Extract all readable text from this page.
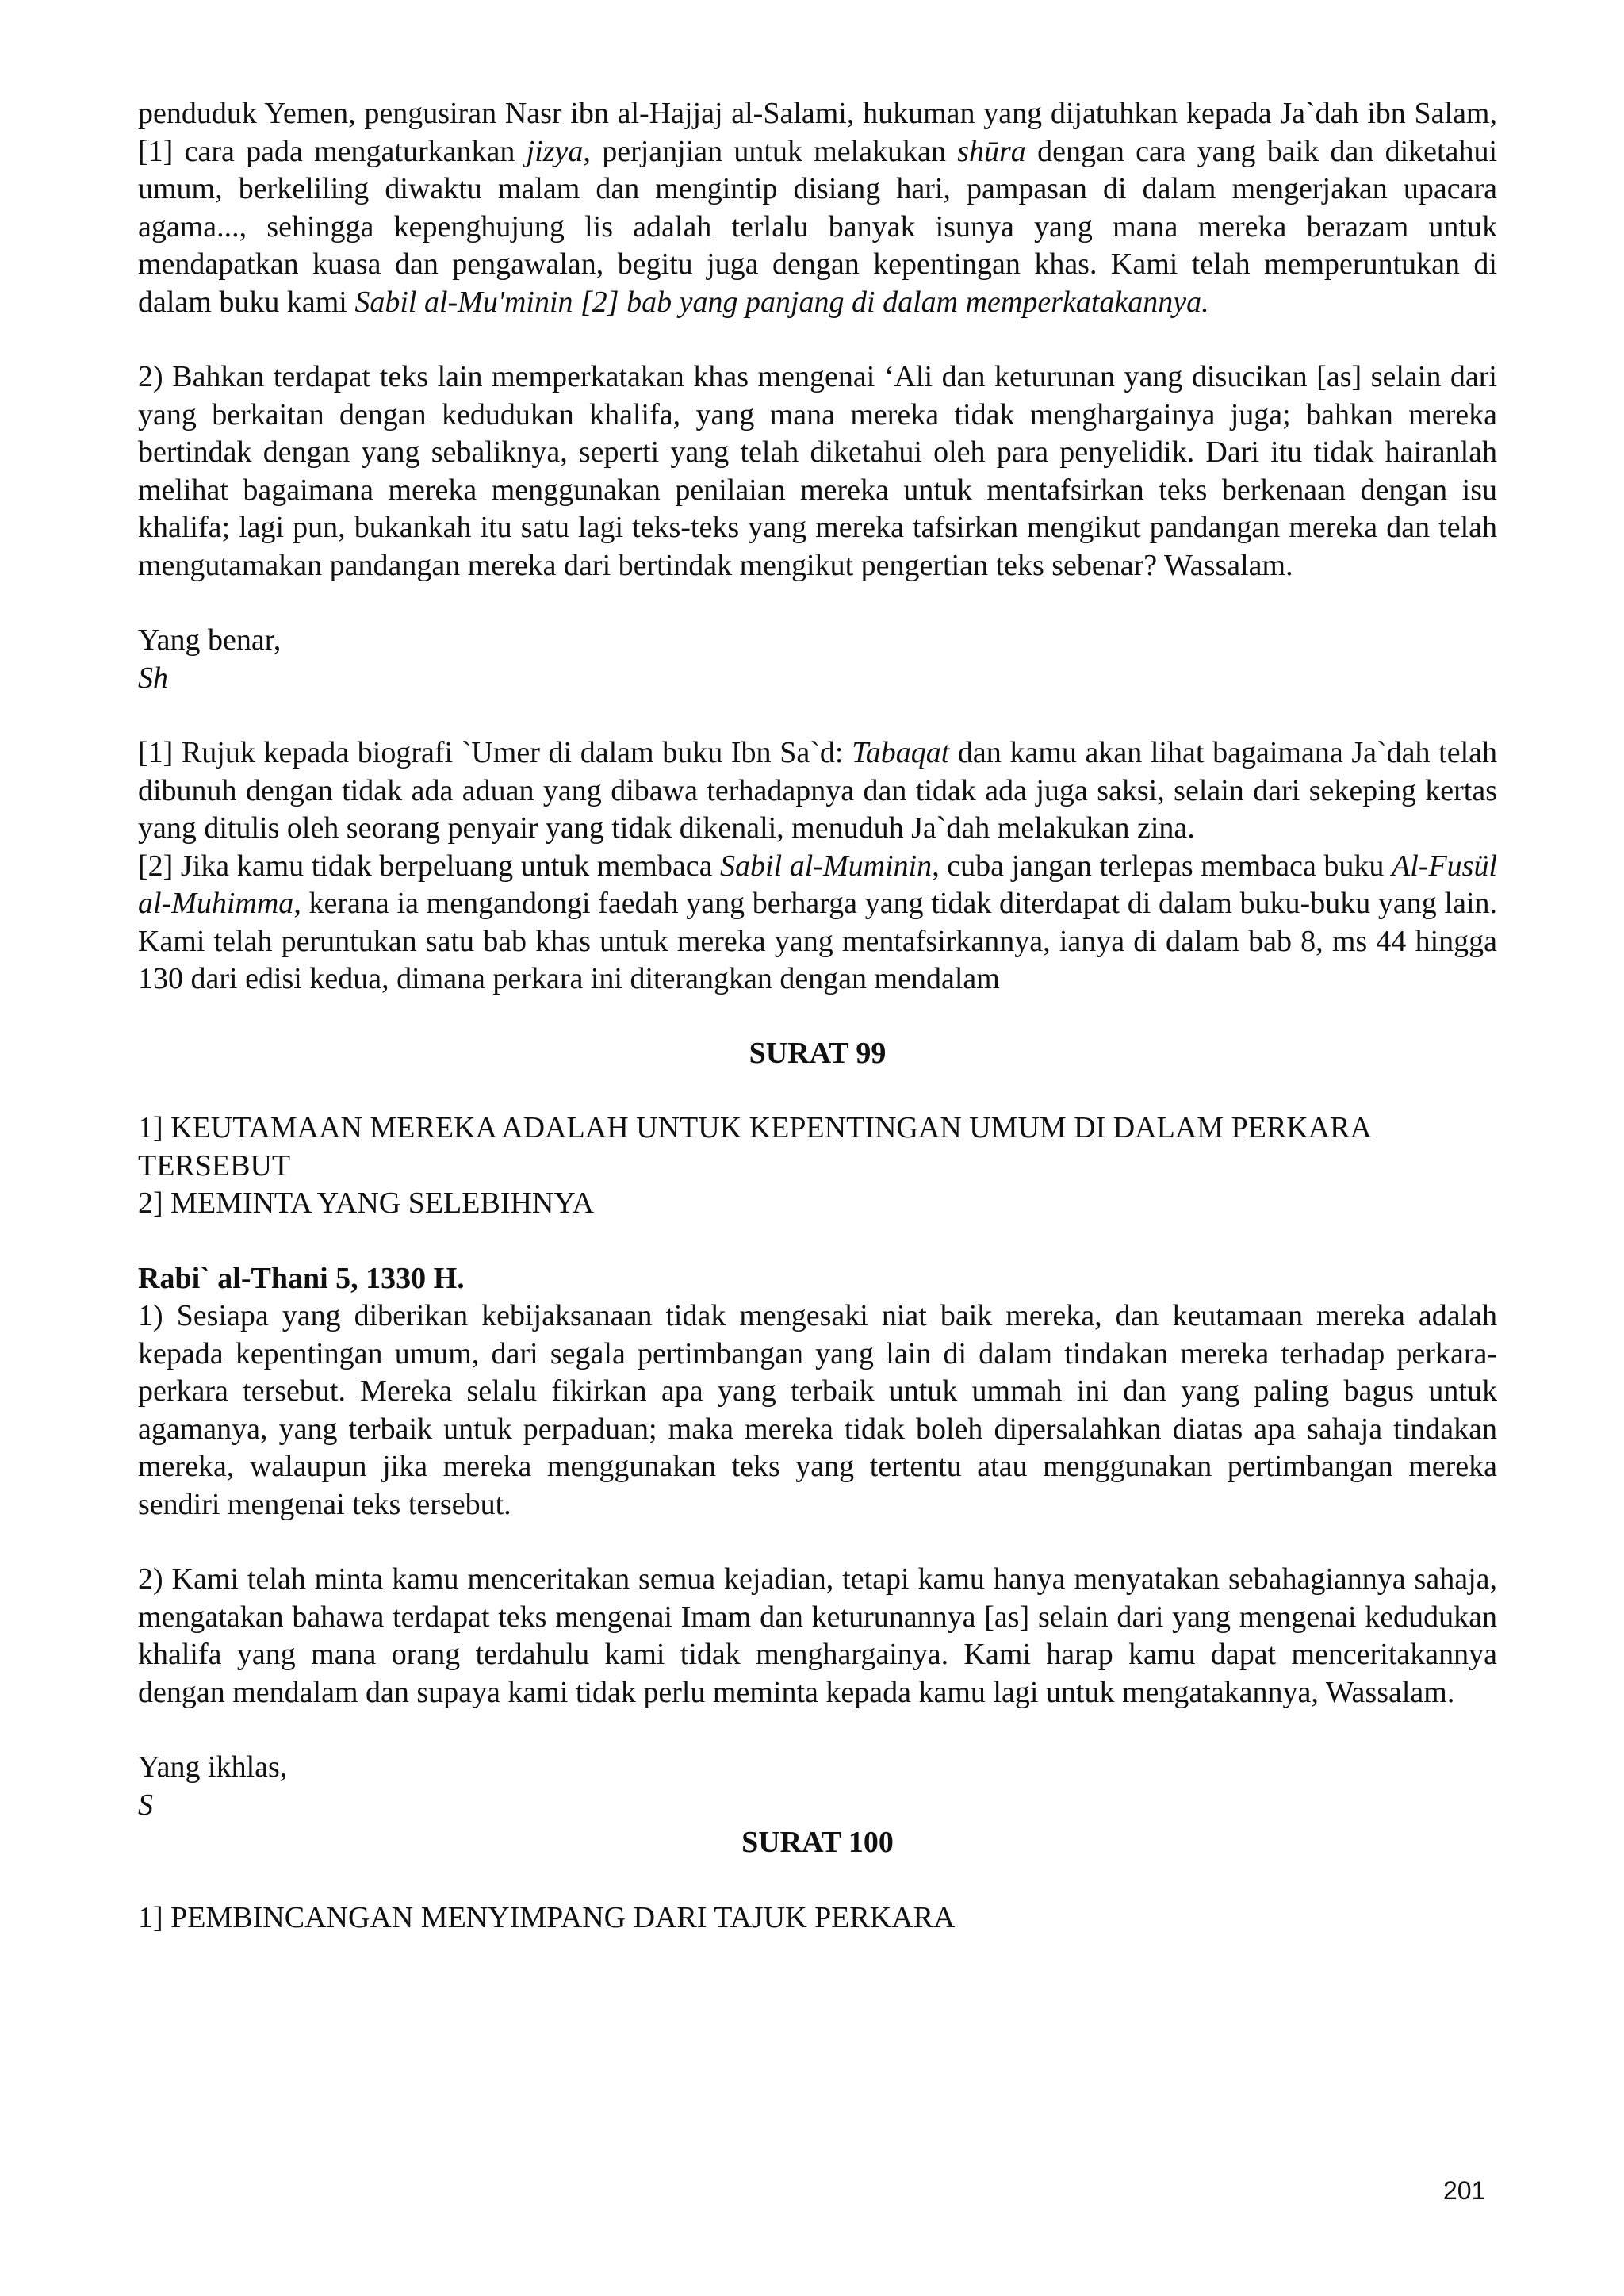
penduduk Yemen, pengusiran Nasr ibn al-Hajjaj al-Salami, hukuman yang dijatuhkan kepada Ja`dah ibn Salam,[1] cara pada mengaturkankan jizya, perjanjian untuk melakukan shūra dengan cara yang baik dan diketahui umum, berkeliling diwaktu malam dan mengintip disiang hari, pampasan di dalam mengerjakan upacara agama..., sehingga kepenghujung lis adalah terlalu banyak isunya yang mana mereka berazam untuk mendapatkan kuasa dan pengawalan, begitu juga dengan kepentingan khas. Kami telah memperuntukan di dalam buku kami Sabil al-Mu'minin [2] bab yang panjang di dalam memperkatakannya.

2) Bahkan terdapat teks lain memperkatakan khas mengenai ‘Ali dan keturunan yang disucikan [as] selain dari yang berkaitan dengan kedudukan khalifa, yang mana mereka tidak menghargainya juga; bahkan mereka bertindak dengan yang sebaliknya, seperti yang telah diketahui oleh para penyelidik. Dari itu tidak hairanlah melihat bagaimana mereka menggunakan penilaian mereka untuk mentafsirkan teks berkenaan dengan isu khalifa; lagi pun, bukankah itu satu lagi teks-teks yang mereka tafsirkan mengikut pandangan mereka dan telah mengutamakan pandangan mereka dari bertindak mengikut pengertian teks sebenar? Wassalam.

Yang benar,

Sh

[1] Rujuk kepada biografi `Umer di dalam buku Ibn Sa`d: Tabaqat dan kamu akan lihat bagaimana Ja`dah telah dibunuh dengan tidak ada aduan yang dibawa terhadapnya dan tidak ada juga saksi, selain dari sekeping kertas yang ditulis oleh seorang penyair yang tidak dikenali, menuduh Ja`dah melakukan zina.

[2] Jika kamu tidak berpeluang untuk membaca Sabil al-Muminin, cuba jangan terlepas membaca buku Al-Fusül al-Muhimma, kerana ia mengandongi faedah yang berharga yang tidak diterdapat di dalam buku-buku yang lain. Kami telah peruntukan satu bab khas untuk mereka yang mentafsirkannya, ianya di dalam bab 8, ms 44 hingga 130 dari edisi kedua, dimana perkara ini diterangkan dengan mendalam

SURAT 99

1] KEUTAMAAN MEREKA ADALAH UNTUK KEPENTINGAN UMUM DI DALAM PERKARA TERSEBUT

2] MEMINTA YANG SELEBIHNYA

Rabi` al-Thani 5, 1330 H.

1) Sesiapa yang diberikan kebijaksanaan tidak mengesaki niat baik mereka, dan keutamaan mereka adalah kepada kepentingan umum, dari segala pertimbangan yang lain di dalam tindakan mereka terhadap perkara-perkara tersebut. Mereka selalu fikirkan apa yang terbaik untuk ummah ini dan yang paling bagus untuk agamanya, yang terbaik untuk perpaduan; maka mereka tidak boleh dipersalahkan diatas apa sahaja tindakan mereka, walaupun jika mereka menggunakan teks yang tertentu atau menggunakan pertimbangan mereka sendiri mengenai teks tersebut.

2) Kami telah minta kamu menceritakan semua kejadian, tetapi kamu hanya menyatakan sebahagiannya sahaja, mengatakan bahawa terdapat teks mengenai Imam dan keturunannya [as] selain dari yang mengenai kedudukan khalifa yang mana orang terdahulu kami tidak menghargainya. Kami harap kamu dapat menceritakannya dengan mendalam dan supaya kami tidak perlu meminta kepada kamu lagi untuk mengatakannya, Wassalam.

Yang ikhlas,

S

SURAT 100

1] PEMBINCANGAN MENYIMPANG DARI TAJUK PERKARA

201
